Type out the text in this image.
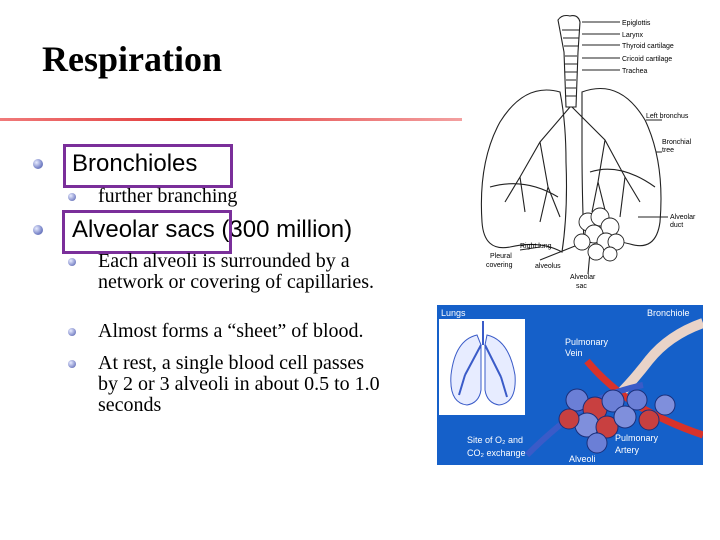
Respiration
Bronchioles
further branching
Alveolar sacs (300 million)
Each alveoli is surrounded by a network or covering of capillaries.
Almost forms a “sheet” of blood.
At rest, a single blood cell passes by 2 or 3 alveoli in about 0.5 to 1.0 seconds
Epiglottis
Larynx
Thyroid cartilage
Cricoid cartilage
Trachea
Left bronchus
Bronchial
tree
Alveolar
duct
Right lung
Pleural
covering	alveolus
Alveolar
sac
Lungs	Bronchiole
Pulmonary
Vein
Pulmonary
Artery
Site of O₂ and
CO₂ exchange
Alveoli
